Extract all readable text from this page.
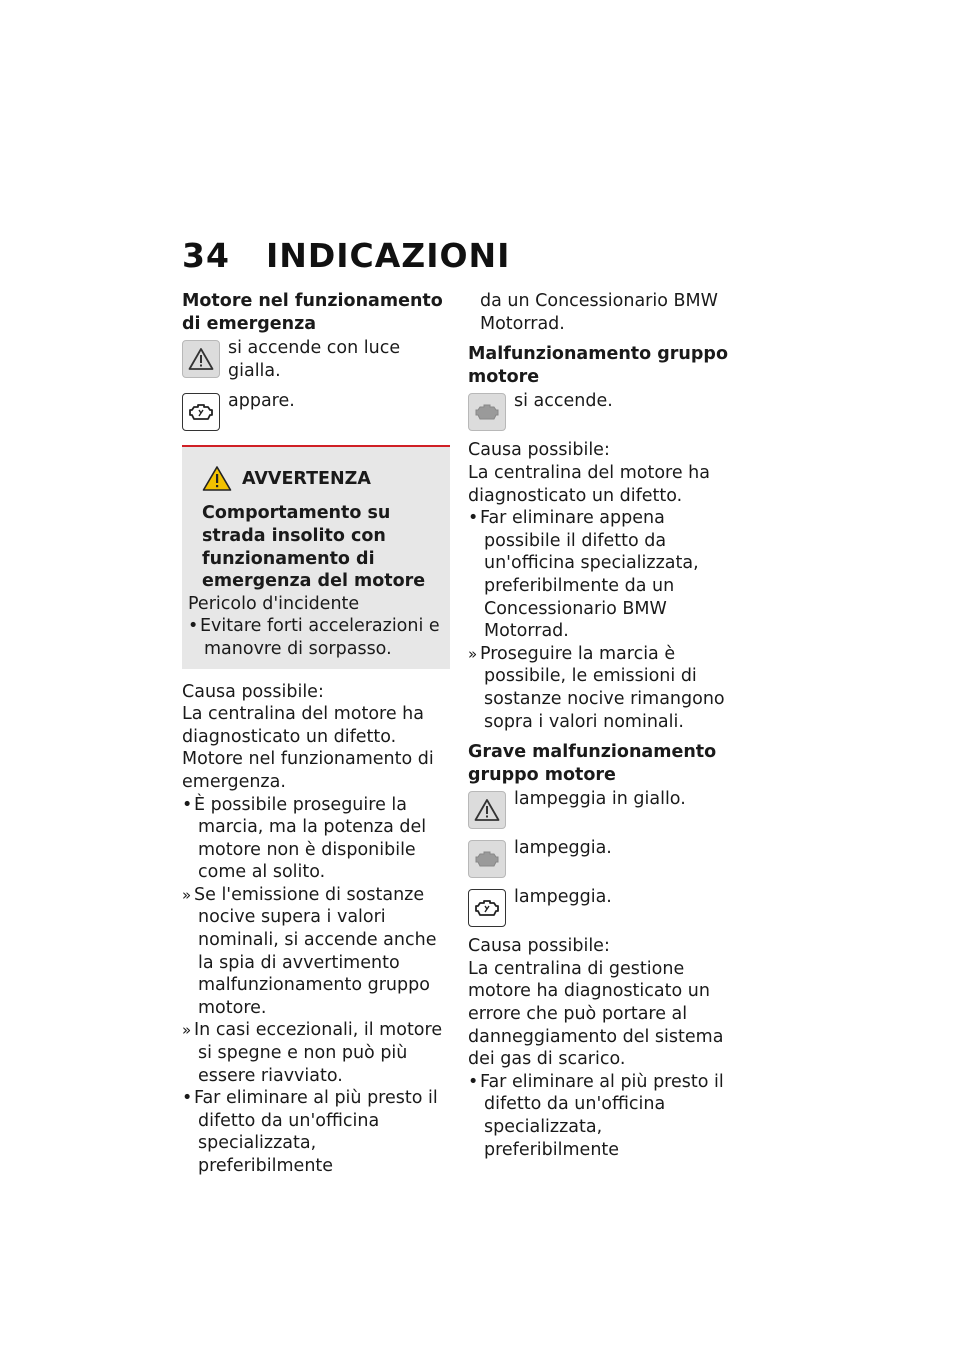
34 INDICAZIONI

Motore nel funzionamento di emergenza

si accende con luce gialla.
appare.
AVVERTENZA

Comportamento su strada insolito con funzionamento di emergenza del motore

Pericolo d'incidente

• Evitare forti accelerazioni e manovre di sorpasso.

Causa possibile:

La centralina del motore ha diagnosticato un difetto.

Motore nel funzionamento di emergenza.

• È possibile proseguire la marcia, ma la potenza del motore non è disponibile come al solito.

» Se l'emissione di sostanze nocive supera i valori nominali, si accende anche la spia di avvertimento malfunzionamento gruppo motore.

» In casi eccezionali, il motore si spegne e non può più essere riavviato.

• Far eliminare al più presto il difetto da un'officina specializzata, preferibilmente

da un Concessionario BMW Motorrad.

Malfunzionamento gruppo motore

si accende.

Causa possibile:

La centralina del motore ha diagnosticato un difetto.

• Far eliminare appena possibile il difetto da un'officina specializzata, preferibilmente da un Concessionario BMW Motorrad.

» Proseguire la marcia è possibile, le emissioni di sostanze nocive rimangono sopra i valori nominali.

Grave malfunzionamento gruppo motore

lampeggia in giallo.
lampeggia.
lampeggia.

Causa possibile:

La centralina di gestione motore ha diagnosticato un errore che può portare al danneggiamento del sistema dei gas di scarico.

• Far eliminare al più presto il difetto da un'officina specializzata, preferibilmente
